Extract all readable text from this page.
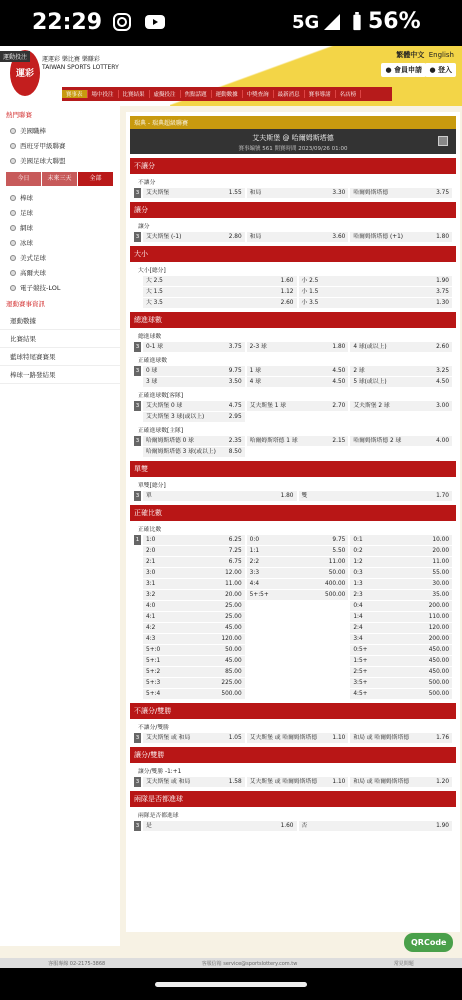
22:29	5G 56%
運彩
運動投注	運運彩 樂比賽 樂賺彩
TAIWAN SPORTS LOTTERY
繁體中文 English
● 會員申請	● 登入
賽事表	場中投注	比賽結果	虛擬投注	焦點話題	運動數據	中獎查詢	最新消息	賽事導諸	名店榜
熱門聯賽
美國職棒
西班牙甲級聯賽
美國足球大聯盟
今日	未來三天	全部
棒球
足球
網球
冰球
美式足球
高爾夫球
電子競技-LOL
運動賽事資訊
運動數據
比賽結果
藍球特尾賽賽果
棒球一路發結果
瑞典 - 瑞典超級聯賽
艾夫斯堡 @ 哈爾姆斯塔德
賽事編號 561 開賽時間 2023/09/26 01:00
不讓分
不讓分
3	艾夫斯堡	1.55 和局	3.30 哈爾姆斯塔德	3.75
讓分
讓分
3	艾夫斯堡 (-1)	2.80 和局	3.60 哈爾姆斯塔德 (+1)	1.80
大小
大小[總分]
大 2.5	1.60 小 2.5	1.90
大 1.5	1.12 小 1.5	3.75
大 3.5	2.60 小 3.5	1.30
總進球數
總進球數
3	0-1 球	3.75 2-3 球	1.80 4 球(或以上)	2.60
正確進球數
3	0 球	9.75 1 球	4.50 2 球	3.25
3 球	3.50 4 球	4.50 5 球(或以上)	4.50
正確進球數[客隊]
3	艾夫斯堡 0 球	4.75 艾夫斯堡 1 球	2.70 艾夫斯堡 2 球	3.00
艾夫斯堡 3 球(或以上)	2.95
正確進球數[主隊]
3	哈爾姆斯塔德 0 球	2.35 哈爾姆斯塔德 1 球	2.15 哈爾姆斯塔德 2 球	4.00
哈爾姆斯塔德 3 球(或以上) 8.50
單雙
單雙[總分]
3	單	1.80 雙	1.70
正確比數
正確比數
1	1:0	6.25 0:0	9.75 0:1	10.00
2:0	7.25 1:1	5.50 0:2	20.00
2:1	6.75 2:2	11.00 1:2	11.00
3:0	12.00 3:3	50.00 0:3	55.00
3:1	11.00 4:4	400.00 1:3	30.00
3:2	20.00 5+:5+	500.00 2:3	35.00
4:0	25.00	0:4	200.00
4:1	25.00	1:4	110.00
4:2	45.00	2:4	120.00
4:3	120.00	3:4	200.00
5+:0	50.00	0:5+	450.00
5+:1	45.00	1:5+	450.00
5+:2	85.00	2:5+	450.00
5+:3	225.00	3:5+	500.00
5+:4	500.00	4:5+	500.00
不讓分/雙勝
不讓分/雙勝
3	艾夫斯堡 或 和局	1.05 艾夫斯堡 或 哈爾姆斯塔德	1.10 和局 或 哈爾姆斯塔德	1.76
讓分/雙勝
讓分/雙勝 -1:+1
3	艾夫斯堡 或 和局	1.58 艾夫斯堡 或 哈爾姆斯塔德	1.10 和局 或 哈爾姆斯塔德	1.20
兩隊是否都進球
兩隊是否都進球
3	是	1.60 否	1.90
QRCode
客服專線 02-2175-3868	客服信箱 service@sportslottery.com.tw	常見問題
